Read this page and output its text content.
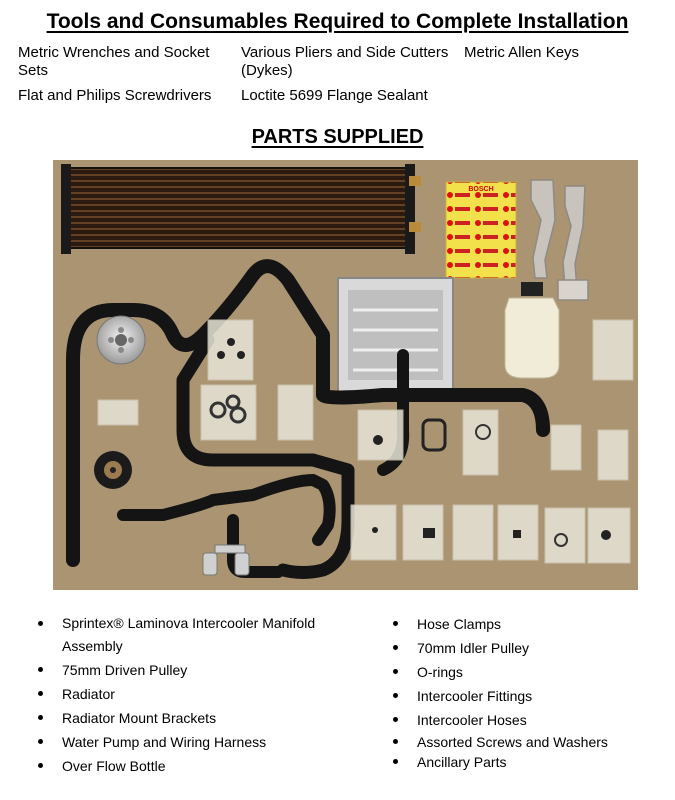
Tools and Consumables Required to Complete Installation
Metric Wrenches and Socket Sets
Various Pliers and Side Cutters (Dykes)
Metric Allen Keys
Flat and Philips Screwdrivers	Loctite 5699 Flange Sealant
PARTS SUPPLIED
BOSCH
Sprintex® Laminova Intercooler Manifold Assembly
75mm Driven Pulley
Radiator
Radiator Mount Brackets
Water Pump and Wiring Harness
Over Flow Bottle
Hose Clamps
70mm Idler Pulley
O-rings
Intercooler Fittings
Intercooler Hoses
Assorted Screws and Washers
Ancillary Parts
